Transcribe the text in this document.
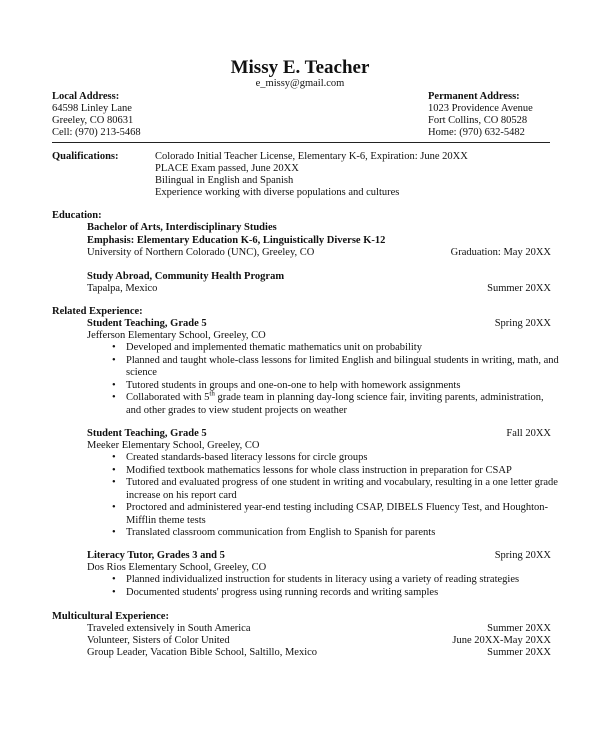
Missy E. Teacher
e_missy@gmail.com
Local Address:
64598 Linley Lane
Greeley, CO 80631
Cell: (970) 213-5468
Permanent Address:
1023 Providence Avenue
Fort Collins, CO 80528
Home: (970) 632-5482
Qualifications:	Colorado Initial Teacher License, Elementary K-6, Expiration: June 20XX
PLACE Exam passed, June 20XX
Bilingual in English and Spanish
Experience working with diverse populations and cultures
Education:
Bachelor of Arts, Interdisciplinary Studies
Emphasis: Elementary Education K-6, Linguistically Diverse K-12
University of Northern Colorado (UNC), Greeley, CO	Graduation: May 20XX
Study Abroad, Community Health Program
Tapalpa, Mexico	Summer 20XX
Related Experience:
Student Teaching, Grade 5	Spring 20XX
Jefferson Elementary School, Greeley, CO
• Developed and implemented thematic mathematics unit on probability
• Planned and taught whole-class lessons for limited English and bilingual students in writing, math, and science
• Tutored students in groups and one-on-one to help with homework assignments
• Collaborated with 5th grade team in planning day-long science fair, inviting parents, administration,
and other grades to view student projects on weather
Student Teaching, Grade 5	Fall 20XX
Meeker Elementary School, Greeley, CO
• Created standards-based literacy lessons for circle groups
• Modified textbook mathematics lessons for whole class instruction in preparation for CSAP
• Tutored and evaluated progress of one student in writing and vocabulary, resulting in a one letter grade increase on his report card
• Proctored and administered year-end testing including CSAP, DIBELS Fluency Test, and Houghton-Mifflin theme tests
• Translated classroom communication from English to Spanish for parents
Literacy Tutor, Grades 3 and 5	Spring 20XX
Dos Rios Elementary School, Greeley, CO
• Planned individualized instruction for students in literacy using a variety of reading strategies
• Documented students' progress using running records and writing samples
Multicultural Experience:
Traveled extensively in South America	Summer 20XX
Volunteer, Sisters of Color United	June 20XX-May 20XX
Group Leader, Vacation Bible School, Saltillo, Mexico	Summer 20XX
